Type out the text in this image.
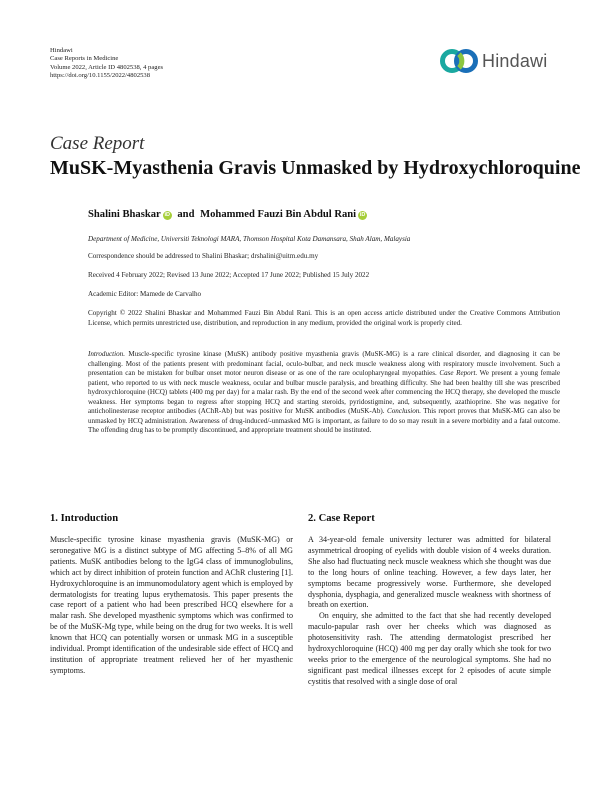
Hindawi
Case Reports in Medicine
Volume 2022, Article ID 4802538, 4 pages
https://doi.org/10.1155/2022/4802538
Hindawi
Case Report
MuSK-Myasthenia Gravis Unmasked by Hydroxychloroquine
Shalini Bhaskar iD and Mohammed Fauzi Bin Abdul Rani iD
Department of Medicine, Universiti Teknologi MARA, Thomson Hospital Kota Damansara, Shah Alam, Malaysia
Correspondence should be addressed to Shalini Bhaskar; drshalini@uitm.edu.my
Received 4 February 2022; Revised 13 June 2022; Accepted 17 June 2022; Published 15 July 2022
Academic Editor: Mamede de Carvalho
Copyright © 2022 Shalini Bhaskar and Mohammed Fauzi Bin Abdul Rani. This is an open access article distributed under the Creative Commons Attribution License, which permits unrestricted use, distribution, and reproduction in any medium, provided the original work is properly cited.
Introduction. Muscle-specific tyrosine kinase (MuSK) antibody positive myasthenia gravis (MuSK-MG) is a rare clinical disorder, and diagnosing it can be challenging. Most of the patients present with predominant facial, oculo-bulbar, and neck muscle weakness along with respiratory muscle involvement. Such a presentation can be mistaken for bulbar onset motor neuron disease or as one of the rare oculopharyngeal myopathies. Case Report. We present a young female patient, who reported to us with neck muscle weakness, ocular and bulbar muscle paralysis, and breathing difficulty. She had been healthy till she was prescribed hydroxychloroquine (HCQ) tablets (400 mg per day) for a malar rash. By the end of the second week after commencing the HCQ therapy, she developed the muscle weakness. Her symptoms began to regress after stopping HCQ and starting steroids, pyridostigmine, and, subsequently, azathioprine. She was negative for anticholinesterase receptor antibodies (AChR-Ab) but was positive for MuSK antibodies (MuSK-Ab). Conclusion. This report proves that MuSK-MG can also be unmasked by HCQ administration. Awareness of drug-induced/-unmasked MG is important, as failure to do so may result in a severe morbidity and a fatal outcome. The offending drug has to be promptly discontinued, and appropriate treatment should be instituted.
1. Introduction

Muscle-specific tyrosine kinase myasthenia gravis (MuSK-MG) or seronegative MG is a distinct subtype of MG affecting 5–8% of all MG patients. MuSK antibodies belong to the IgG4 class of immunoglobulins, which act by direct inhibition of protein function and AChR clustering [1]. Hydroxychloroquine is an immunomodulatory agent which is employed by dermatologists for treating lupus erythematosis. This paper presents the case report of a patient who had been prescribed HCQ elsewhere for a malar rash. She developed myasthenic symptoms which was confirmed to be of the MuSK-Mg type, while being on the drug for two weeks. It is well known that HCQ can potentially worsen or unmask MG in a susceptible individual. Prompt identification of the undesirable side effect of HCQ and institution of appropriate treatment relieved her of her myasthenic symptoms.

2. Case Report

A 34-year-old female university lecturer was admitted for bilateral asymmetrical drooping of eyelids with double vision of 4 weeks duration. She also had fluctuating neck muscle weakness which she thought was due to the long hours of online teaching. However, a few days later, her symptoms became progressively worse. Furthermore, she developed dysphonia, dysphagia, and generalized muscle weakness with shortness of breath on exertion.

On enquiry, she admitted to the fact that she had recently developed maculo-papular rash over her cheeks which was diagnosed as photosensitivity rash. The attending dermatologist prescribed her hydroxychloroquine (HCQ) 400 mg per day orally which she took for two weeks prior to the emergence of the neurological symptoms. She had no significant past medical illnesses except for 2 episodes of acute simple cystitis that resolved with a single dose of oral
